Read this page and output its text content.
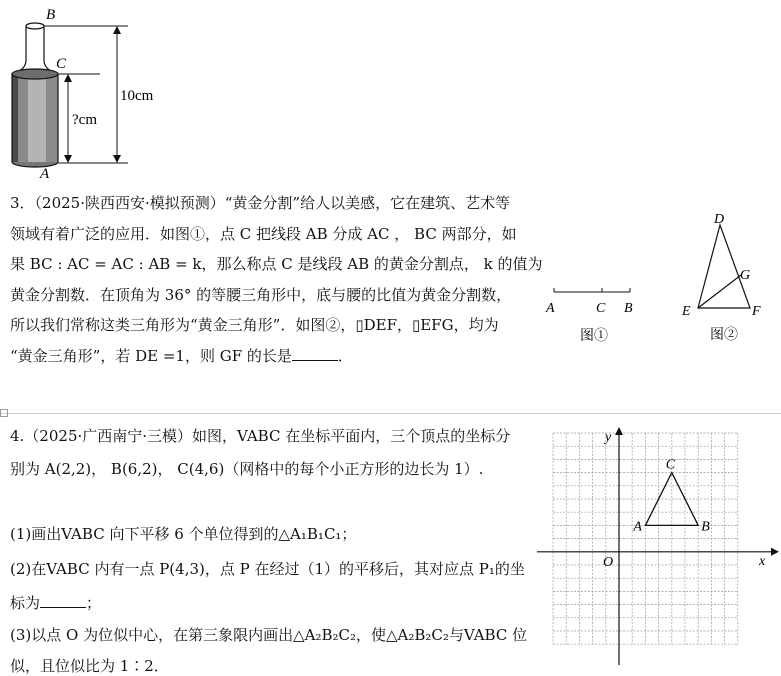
B
C
A
10cm
?cm
3．（2025·陕西西安·模拟预测）“黄金分割”给人以美感，它在建筑、艺术等
领域有着广泛的应用．如图①，点 C 把线段 AB 分成 AC ， BC 两部分，如
果 BC : AC = AC : AB = k，那么称点 C 是线段 AB 的黄金分割点， k 的值为
黄金分割数．在顶角为 36° 的等腰三角形中，底与腰的比值为黄金分割数，
所以我们常称这类三角形为“黄金三角形”．如图②，▯DEF，▯EFG，均为
“黄金三角形”，若 DE =1，则 GF 的长是	．
A	C B
图①
D
G
E	F
图②
4.（2025·广西南宁·三模）如图，VABC 在坐标平面内，三个顶点的坐标分
别为 A(2,2)， B(6,2)， C(4,6)（网格中的每个小正方形的边长为 1）.
(1)画出VABC 向下平移 6 个单位得到的△A₁B₁C₁；
(2)在VABC 内有一点 P(4,3)，点 P 在经过（1）的平移后，其对应点 P₁的坐
标为	；
(3)以点 O 为位似中心，在第三象限内画出△A₂B₂C₂，使△A₂B₂C₂与VABC 位
似，且位似比为 1∶2．
y
x
O
A	B
C
